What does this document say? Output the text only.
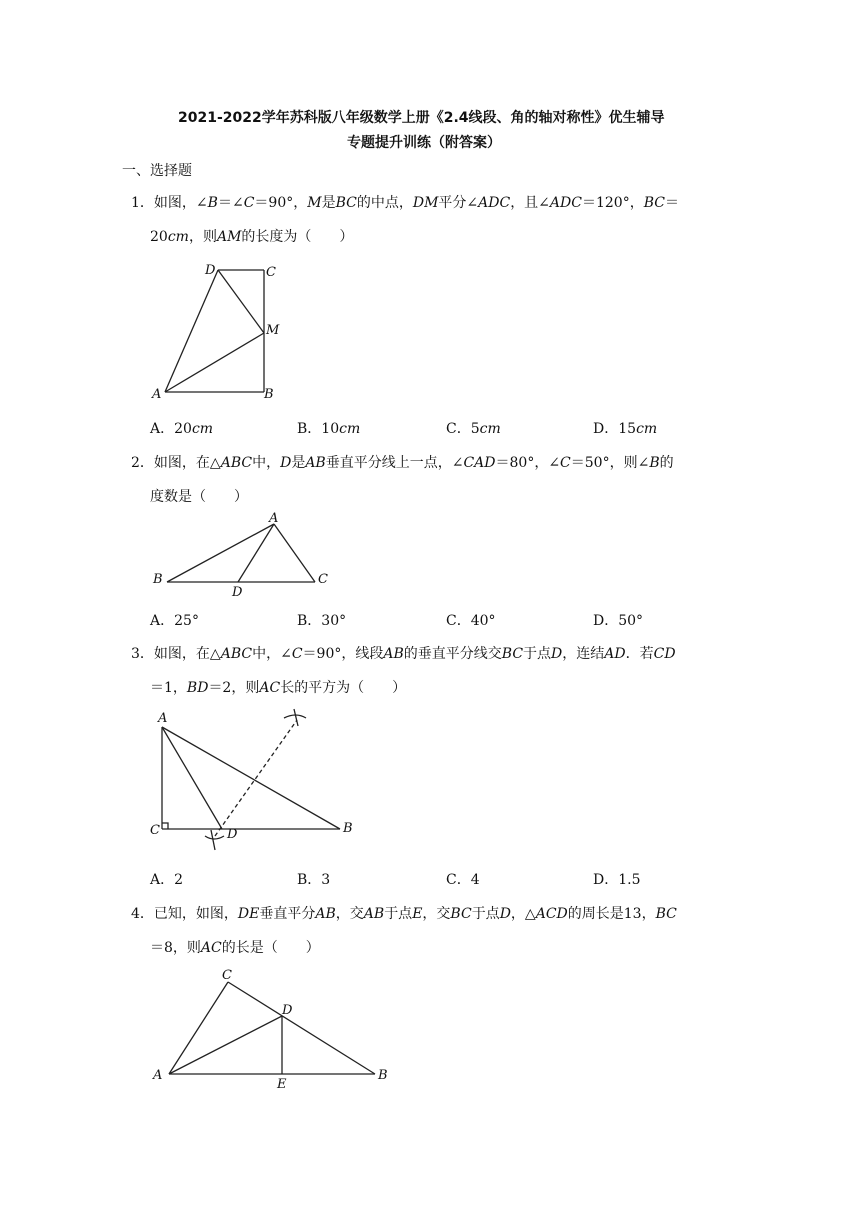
2021-2022学年苏科版八年级数学上册《2.4线段、角的轴对称性》优生辅导
专题提升训练（附答案）
一、选择题
1．如图，∠B＝∠C＝90°，M是BC的中点，DM平分∠ADC，且∠ADC＝120°，BC＝
20cm，则AM的长度为（　　）
D	C
M
A	B
A．20cm	B．10cm	C．5cm	D．15cm
2．如图，在△ABC中，D是AB垂直平分线上一点，∠CAD＝80°，∠C＝50°，则∠B的
度数是（　　）
A
B	C
D
A．25°	B．30°	C．40°	D．50°
3．如图，在△ABC中，∠C＝90°，线段AB的垂直平分线交BC于点D，连结AD．若CD
＝1，BD＝2，则AC长的平方为（　　）
A
C	D	B
A．2	B．3	C．4	D．1.5
4．已知，如图，DE垂直平分AB，交AB于点E，交BC于点D，△ACD的周长是13，BC
＝8，则AC的长是（　　）
C
D
A
E
B
